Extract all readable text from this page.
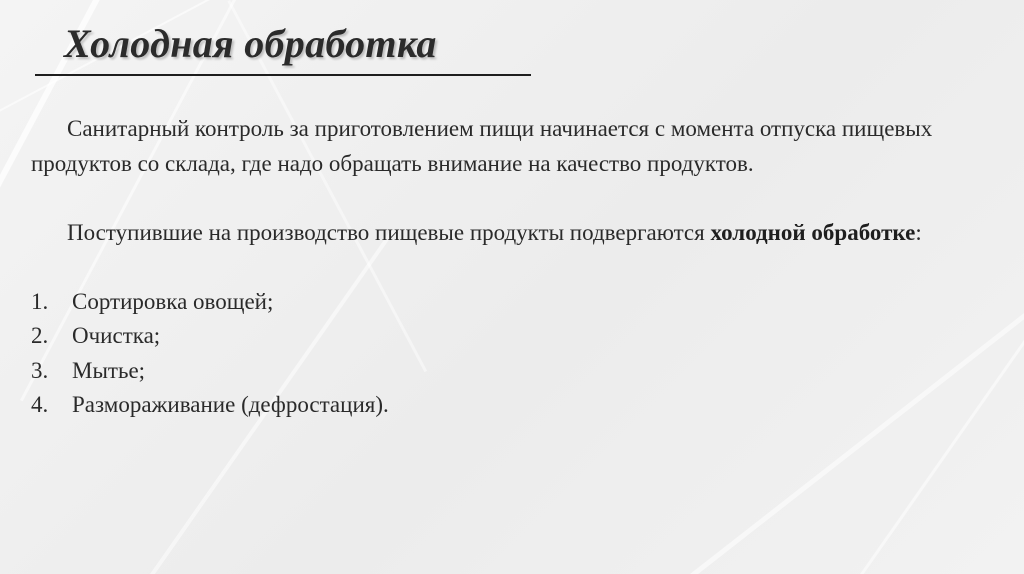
Холодная обработка

Санитарный контроль за приготовлением пищи начинается с момента отпуска пищевых продуктов со склада, где надо обращать внимание на качество продуктов.

Поступившие на производство пищевые продукты подвергаются холодной обработке:

1.	Сортировка овощей;
2.	Очистка;
3.	Мытье;
4.	Размораживание (дефростация).
